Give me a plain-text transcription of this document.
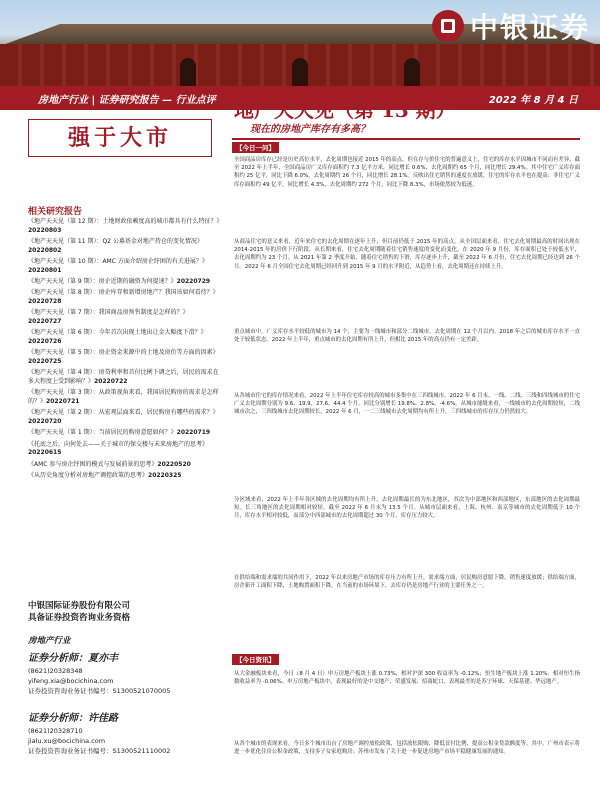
中银证券
房地产行业 | 证券研究报告 — 行业点评	2022 年 8 月 4 日
强于大市
相关研究报告
《地产天天见（第 12 期）：土地财政依赖度高的城市都具有什么特征？》20220803
《地产天天见（第 11 期）：Q2 公募基金对地产持仓的变化情况》20220802
《地产天天见（第 10 期）：AMC 方面介绍房企纾困的有关进展？》20220801
《地产天天见（第 9 期）：房企近期的融资为何提速？》20220729
《地产天天见（第 8 期）：房企库存和新增房地产？我国该如何看待？》20220728
《地产天天见（第 7 期）：我国商品房预售制度是怎样的？》20220727
《地产天天见（第 6 期）：今年首次出现土地出让金大幅度下滑？》20220726
《地产天天见（第 5 期）：房企资金来源中的土地及房价等方面的因素》20220725
《地产天天见（第 4 期）：房贷利率和首付比例下调之后，居民的需求在多大程度上受到影响？》20220722
《地产天天见（第 3 期）：从政策视角来看，我国居民购房的需求是怎样的？》20220721
《地产天天见（第 2 期）：从宏观层面来看，居民购房有哪些的需求？》20220720
《地产天天见（第 1 期）：当前居民的购房意愿如何？》20220719
《托底之后，向何处去——关于城市的保交楼与未来房地产的思考》20220615
《AMC 参与房企纾困的模式与发展前景的思考》20220520
《从历史角度分析对房地产调控政策的思考》20220325
中银国际证券股份有限公司
具备证券投资咨询业务资格
房地产行业
证券分析师：夏亦丰
(8621)20328348
yifeng.xia@bocichina.com
证券投资咨询业务证书编号：S1300521070005
证券分析师：许佳路
(8621)20328710
jialu.xu@bocichina.com
证券投资咨询业务证书编号：S1300521110002
地产天天见（第 13 期）
现在的房地产库存有多高？
【今日一问】
全国商品房库存已经是历史高位水平，去化周期也接近 2015 年的高点。但在存与价住宅的普遍意义上，住宅的库存水平因城市不同而有差异。截至 2022 年上半年，全国商品房广义库存面积约 7.3 亿平方米，同比增长 0.6%，去化周期约 65 个月，同比增长 29.4%。其中住宅广义库存面积约 25 亿平，同比下降 6.0%，去化周期约 26 个月，同比增长 28.1%。反映出住宅销售的速度在放缓，住宅的库存水平也在提高；非住宅广义库存面积约 49 亿平，同比增长 4.3%，去化周期约 272 个月，同比下降 8.3%，市场依然较为低迷。
从商品住宅的意义来看，近年来住宅的去化周期在逐年上升，但目前仍低于 2015 年的高点。从全国层面来看，住宅去化周期最高的时间出现在 2014-2015 年的房价下行阶段。从长期来看，住宅去化周期随着住宅销售速度的变化而变化。在 2020 年 9 月份，库存面积已处于较低水平，去化周期约为 23 个月。从 2021 年第 2 季度开始，随着住宅销售的下滑，库存逐步上升，截至 2022 年 6 月份，住宅去化周期已经达到 26 个月。2022 年 6 月全国住宅去化周期已经回升到 2015 年 9 月的水平附近，从趋势上看，去化周期还在持续上升。
重点城市中，广义库存水平较低的城市为 14 个，主要为一线城市和部分二线城市，去化周期在 12 个月以内。2018 年之后的城市库存水平一直处于较低状态。2022 年上半年，重点城市的去化周期有所上升，但相比 2015 年的高点仍有一定差距。
从各城市住宅的库存情况来看，2022 年上半年住宅库存较高的城市多集中在三四线城市。2022 年 6 月末，一线、二线、三线和四线城市的住宅广义去化周期分别为 9.6、19.9、27.6、44.4 个月，同比分别增长 19.8%、2.8%、-4.6%。从城市能级来看，一线城市的去化周期较短，二线城市次之，三四线城市去化周期较长。2022 年 6 月，一二三线城市去化周期均有所上升，三四线城市的库存压力仍然较大。
分区域来看，2022 年上半年各区域的去化周期均有所上升，去化周期最长的为东北地区，其次为中部地区和西部地区，东部地区的去化周期最短。长三角地区的去化周期相对较短，截至 2022 年 6 月末为 13.5 个月。从城市层面来看，上海、杭州、南京等城市的去化周期低于 10 个月，库存水平相对较低，而部分中西部城市的去化周期超过 30 个月，库存压力较大。
在供给端和需求端的共同作用下，2022 年以来房地产市场的库存压力有所上升。需求端方面，居民购房意愿下降，销售速度放缓；供给端方面，房企新开工面积下降，土地购置面积下降。在当前的市场环境下，去库存仍是房地产行业的主要任务之一。
【今日资讯】
从大金融板块来看，今日（8 月 4 日）申万房地产板块上涨 0.73%，相对沪深 300 收益率为 -0.12%；恒生地产板块上涨 1.20%，相对恒生指数收益率为 -0.06%。申万房地产板块中，表现最好的是中交地产、荣盛发展、招商蛇口，表现最差的是苏宁环球、天保基建、华远地产。
从各个城市的表现来看，今日多个城市出台了房地产调控放松政策，包括放松限购、降低首付比例、提高公积金贷款额度等。其中，广州市表示将进一步优化住房公积金政策，支持多子女家庭购房；苏州市发布了关于进一步促进房地产市场平稳健康发展的通知。
